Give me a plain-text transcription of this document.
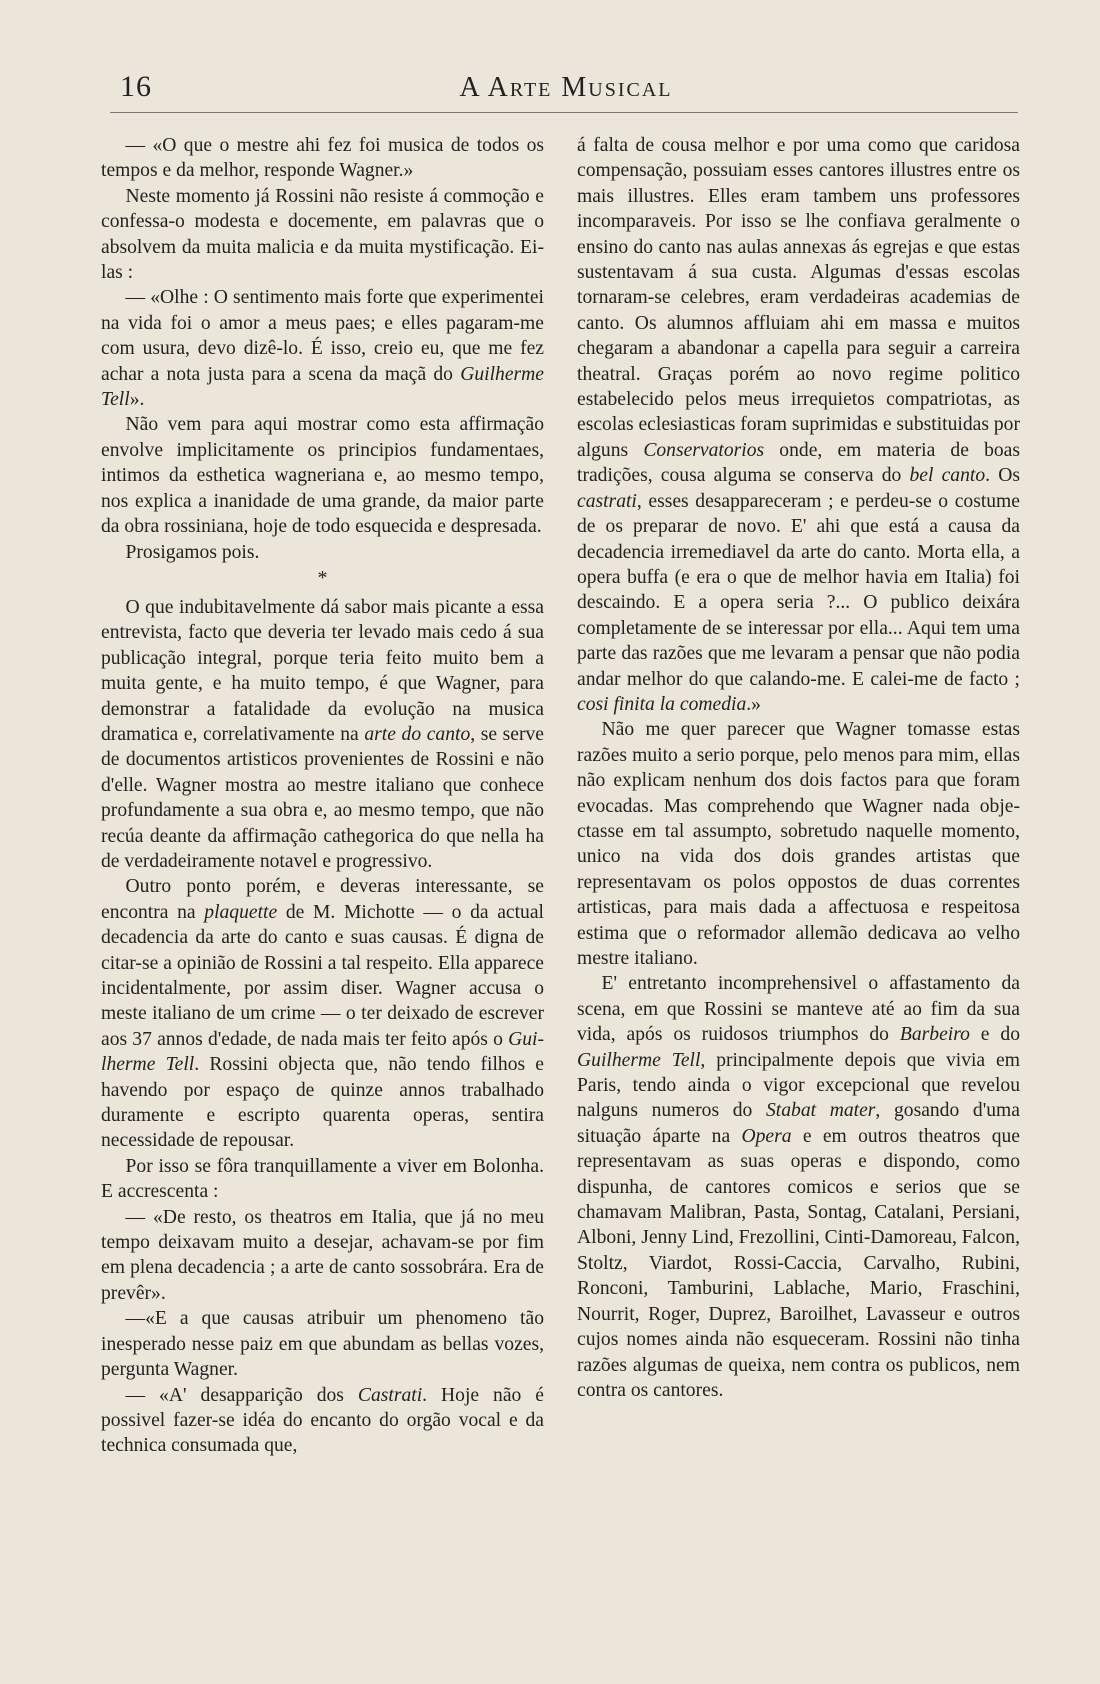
16	A Arte Musical

— «O que o mestre ahi fez foi musica de todos os tempos e da melhor, responde Wagner.»

Neste momento já Rossini não resiste á commoção e confessa-o modesta e docemente, em palavras que o absolvem da muita malicia e da muita mystificação. Ei-las :

— «Olhe : O sentimento mais forte que experimentei na vida foi o amor a meus paes; e elles pagaram-me com usura, devo dizê-lo. É isso, creio eu, que me fez achar a nota justa para a scena da maçã do Guilherme Tell».

Não vem para aqui mostrar como esta affirmação envolve implicitamente os principios fundamentaes, intimos da esthetica wagneriana e, ao mesmo tempo, nos explica a inanidade de uma grande, da maior parte da obra rossiniana, hoje de todo esquecida e despresada.

Prosigamos pois.

*

O que indubitavelmente dá sabor mais picante a essa entrevista, facto que deveria ter levado mais cedo á sua publicação integral, porque teria feito muito bem a muita gente, e ha muito tempo, é que Wagner, para demonstrar a fatalidade da evolução na musica dramatica e, correlativamente na arte do canto, se serve de documentos artisticos provenientes de Rossini e não d'elle. Wagner mostra ao mestre italiano que conhece profundamente a sua obra e, ao mesmo tempo, que não recúa deante da affirmação cathegorica do que nella ha de verdadeiramente notavel e progressivo.

Outro ponto porém, e deveras interessante, se encontra na plaquette de M. Michotte — o da actual decadencia da arte do canto e suas causas. É digna de citar-se a opinião de Rossini a tal respeito. Ella apparece incidentalmente, por assim diser. Wagner accusa o meste italiano de um crime — o ter deixado de escrever aos 37 annos d'edade, de nada mais ter feito após o Guilherme Tell. Rossini objecta que, não tendo filhos e havendo por espaço de quinze annos trabalhado duramente e escripto quarenta operas, sentira necessidade de repousar.

Por isso se fôra tranquillamente a viver em Bolonha. E accrescenta :

— «De resto, os theatros em Italia, que já no meu tempo deixavam muito a desejar, achavam-se por fim em plena decadencia ; a arte de canto sossobrára. Era de prevêr».

—«E a que causas atribuir um phenomeno tão inesperado nesse paiz em que abundam as bellas vozes, pergunta Wagner.

— «A' desapparição dos Castrati. Hoje não é possivel fazer-se idéa do encanto do orgão vocal e da technica consumada que,

á falta de cousa melhor e por uma como que caridosa compensação, possuiam esses cantores illustres entre os mais illustres. Elles eram tambem uns professores incomparaveis. Por isso se lhe confiava geralmente o ensino do canto nas aulas annexas ás egrejas e que estas sustentavam á sua custa. Algumas d'essas escolas tornaram-se celebres, eram verdadeiras academias de canto. Os alumnos affluiam ahi em massa e muitos chegaram a abandonar a capella para seguir a carreira theatral. Graças porém ao novo regime politico estabelecido pelos meus irrequietos compatriotas, as escolas eclesiasticas foram suprimidas e substituidas por alguns Conservatorios onde, em materia de boas tradições, cousa alguma se conserva do bel canto. Os castrati, esses desappareceram ; e perdeu-se o costume de os preparar de novo. E' ahi que está a causa da decadencia irremediavel da arte do canto. Morta ella, a opera buffa (e era o que de melhor havia em Italia) foi descaindo. E a opera seria ?... O publico deixára completamente de se interessar por ella... Aqui tem uma parte das razões que me levaram a pensar que não podia andar melhor do que calando-me. E calei-me de facto ; cosi finita la comedia.»

Não me quer parecer que Wagner tomasse estas razões muito a serio porque, pelo menos para mim, ellas não explicam nenhum dos dois factos para que foram evocadas. Mas comprehendo que Wagner nada objectasse em tal assumpto, sobretudo naquelle momento, unico na vida dos dois grandes artistas que representavam os polos oppostos de duas correntes artisticas, para mais dada a affectuosa e respeitosa estima que o reformador allemão dedicava ao velho mestre italiano.

E' entretanto incomprehensivel o affastamento da scena, em que Rossini se manteve até ao fim da sua vida, após os ruidosos triumphos do Barbeiro e do Guilherme Tell, principalmente depois que vivia em Paris, tendo ainda o vigor excepcional que revelou nalguns numeros do Stabat mater, gosando d'uma situação áparte na Opera e em outros theatros que representavam as suas operas e dispondo, como dispunha, de cantores comicos e serios que se chamavam Malibran, Pasta, Sontag, Catalani, Persiani, Alboni, Jenny Lind, Frezollini, Cinti-Damoreau, Falcon, Stoltz, Viardot, Rossi-Caccia, Carvalho, Rubini, Ronconi, Tamburini, Lablache, Mario, Fraschini, Nourrit, Roger, Duprez, Baroilhet, Lavasseur e outros cujos nomes ainda não esqueceram. Rossini não tinha razões algumas de queixa, nem contra os publicos, nem contra os cantores.
